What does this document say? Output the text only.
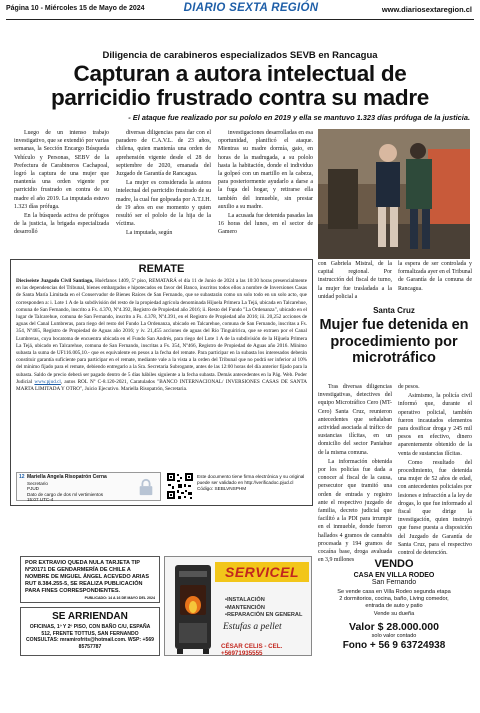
Página 10 - Miércoles 15 de Mayo de 2024	DIARIO SEXTA REGIÓN	www.diariosextaregion.cl
Diligencia de carabineros especializados SEVB en Rancagua
Capturan a autora intelectual de parricidio frustrado contra su madre
- El ataque fue realizado por su pololo en 2019 y ella se mantuvo 1.323 días prófuga de la justicia.

Luego de un intenso trabajo investigativo, que se extendió por varias semanas, la Sección Encargo Búsqueda Vehículo y Personas, SEBV de la Prefectura de Carabineros Cachapoal, logró la captura de una mujer que mantenía una orden vigente por parricidio frustrado en contra de su madre el año 2019. La imputada estuvo 1.323 días prófuga.

En la búsqueda activa de prófugos de la justicia, la brigada especializada desarrolló

diversas diligencias para dar con el paradero de C.A.V.L. de 23 años, chilena, quien mantenía una orden de aprehensión vigente desde el 28 de septiembre de 2020, emanada del Juzgado de Garantía de Rancagua.

La mujer es considerada la autora intelectual del parricidio frustrado de su madre, la cual fue golpeada por A.T.I.H. de 19 años en ese momento y quien resultó ser el pololo de la hija de la víctima.

La imputada, según

investigaciones desarrolladas en esa oportunidad, planificó el ataque. Mientras su madre dormía, gaio, en horas de la madrugada, a su pololo hasta la habitación, donde el individuo la golpeó con un martillo en la cabeza, para posteriormente ayudarlo a darse a la fuga del hogar, y retirarse ella también del inmueble, sin prestar auxilio a su madre.

La acusada fue detenida pasadas las 16 horas del lunes, en el sector de Gamero

con Gabriela Mistral, de la capital regional. Por instrucción del fiscal de turno, la mujer fue trasladada a la unidad policial a

la espera de ser controlada y formalizada ayer en el Tribunal de Garantía de la comuna de Rancagua.

REMATE
Dieciseiste Juzgado Civil Santiago, Huérfanos 1409, 5º piso, REMATARÁ el día 11 de Junio de 2024 a las 10:30 horas presencialmente en las dependencias del Tribunal, bienes embargados e hipotecados en favor del Banco, inscritos todos ellos a nombre de Inversiones Casas de Santa María Limitada en el Conservador de Bienes Raíces de San Fernando, que se subastarán como un solo todo en un solo acto, que corresponden a: i. Lote 1 A de la subdivisión del resto de la propiedad agrícola denominada Hijuela Primera La Tejá, ubicada en Talcarehue, comuna de San Fernando, inscrito a Fs. 4.370, Nº4.392, Registro de Propiedad año 2016; ii. Resto del Fundo "La Ordenanza", ubicado en el lugar de Talcarehue, comuna de San Fernando, inscrito a Fs. 4.378, Nº4.391, en el Registro de Propiedad año 2016; iii. 20,252 acciones de aguas del Canal Lumbreras, para riego del resto del Fundo La Ordenanza, ubicado en Talcarehue, comuna de San Fernando, inscritas a Fs. 354, Nº465, Registro de Propiedad de Aguas año 2016; y iv. 21,455 acciones de aguas del Río Tinguiririca, que se extraen por el Canal Lumbreras, cuya bocatoma de encuentra ubicada en el Fundo San Andrés, para riego del Lote 1 A de la subdivisión de la Hijuela Primera La Tejá, ubicado en Talcarehue, comuna de San Fernando, inscritas a Fs. 354, Nº466, Registro de Propiedad de Aguas año 2016. Mínimo subasta la suma de UF116.005,10.- que es equivalente en pesos a la fecha del remate. Para participar en la subasta los interesados deberán constituir garantía suficiente para participar en el remate, mediante vale a la vista a la orden del Tribunal que no podrá ser inferior al 10% del mínimo fijado para el remate, debiendo entregarlo a la Sra. Secretaria Subrogante, antes de las 12:00 horas del día anterior fijado para la subasta. Saldo de precio deberá ser pagado dentro de 5 días hábiles siguiente a la fecha subasta. Demás antecedentes en la Pág. Web. Poder Judicial www.pjud.cl, autos ROL Nº C-8.120-2021, Caratulados "BANCO INTERNACIONAL/ INVERSIONES CASAS DE SANTA MARTA LIMITADA Y OTRO", Juicio Ejecutivo. Mariella Risopatrón, Secretaria.
12 Mariella Angela Risopatrón Cerna
Secretario
PJUD
Dato de cargo de dos ml vertimientos
15:07 UTC-4
Este documento tiene firma electrónica y su original puede ser validado en http://verificadoc.pjud.cl
Código: SEBLVNSPHM
Santa Cruz
Mujer fue detenida en procedimiento por microtráfico

Tras diversas diligencias investigativas, detectives del equipo Microtráfico Cero (MT-Cero) Santa Cruz, reunieron antecedentes que señalaban actividad asociada al tráfico de sustancias ilícitas, en un domicilio del sector Paniahue de la misma comuna.

La información obtenida por los policías fue dada a conocer al fiscal de la causa, persecutor que tramitó una orden de entrada y registro ante el respectivo juzgado de familia, decreto judicial que facilitó a la PDI para irrumpir en el inmueble, donde fueron hallados 4 gramos de cannabis procesada y 194 gramos de cocaína base, droga avaluada en 3,9 millones

de pesos.

Asimismo, la policía civil informó que, durante el operativo policial, también fueron incautados elementos para dosificar droga y 245 mil pesos en efectivo, dinero aparentemente obtenido de la venta de sustancias ilícitas.

Como resultado del procedimiento, fue detenida una mujer de 52 años de edad, con antecedentes policiales por lesiones e infracción a la ley de drogas, lo que fue informado al fiscal que dirige la investigación, quien instruyó que fuese puesta a disposición del Juzgado de Garantía de Santa Cruz, para el respectivo control de detención.

POR EXTRAVIO QUEDA NULA TARJETA TIP Nº20171 DE GENDARMERÍA DE CHILE A NOMBRE DE MIGUEL ÁNGEL ACEVEDO ARIAS RUT 8.384.255-5, SE REALIZA PUBLICACIÓN PARA FINES CORRESPONDIENTES.
PUBLICADO: 14 A 16 DE MAYO DEL 2024
SE ARRIENDAN
OFICINAS, 1º Y 2º PISO, CON BAÑO C/U, ESPAÑA 512, FRENTE TOTTUS, SAN FERNANDO CONSULTAS: mramirofrits@hotmail.com. WSP: +569 85757787
SERVICEL
•INSTALACIÓN
•MANTENCIÓN
•REPARACIÓN EN GENERAL
Estufas a pellet
CÉSAR CELIS - CEL. +56971935555
VENDO
CASA EN VILLA RODEO
San Fernando
Se vende casa en Villa Rodeo segunda etapa
2 dormitorios, cocina, baño, Living comedor,
entrada de auto y patio
Vende su dueña
Valor $ 28.000.000
solo valor contado
Fono + 56 9 63724938
